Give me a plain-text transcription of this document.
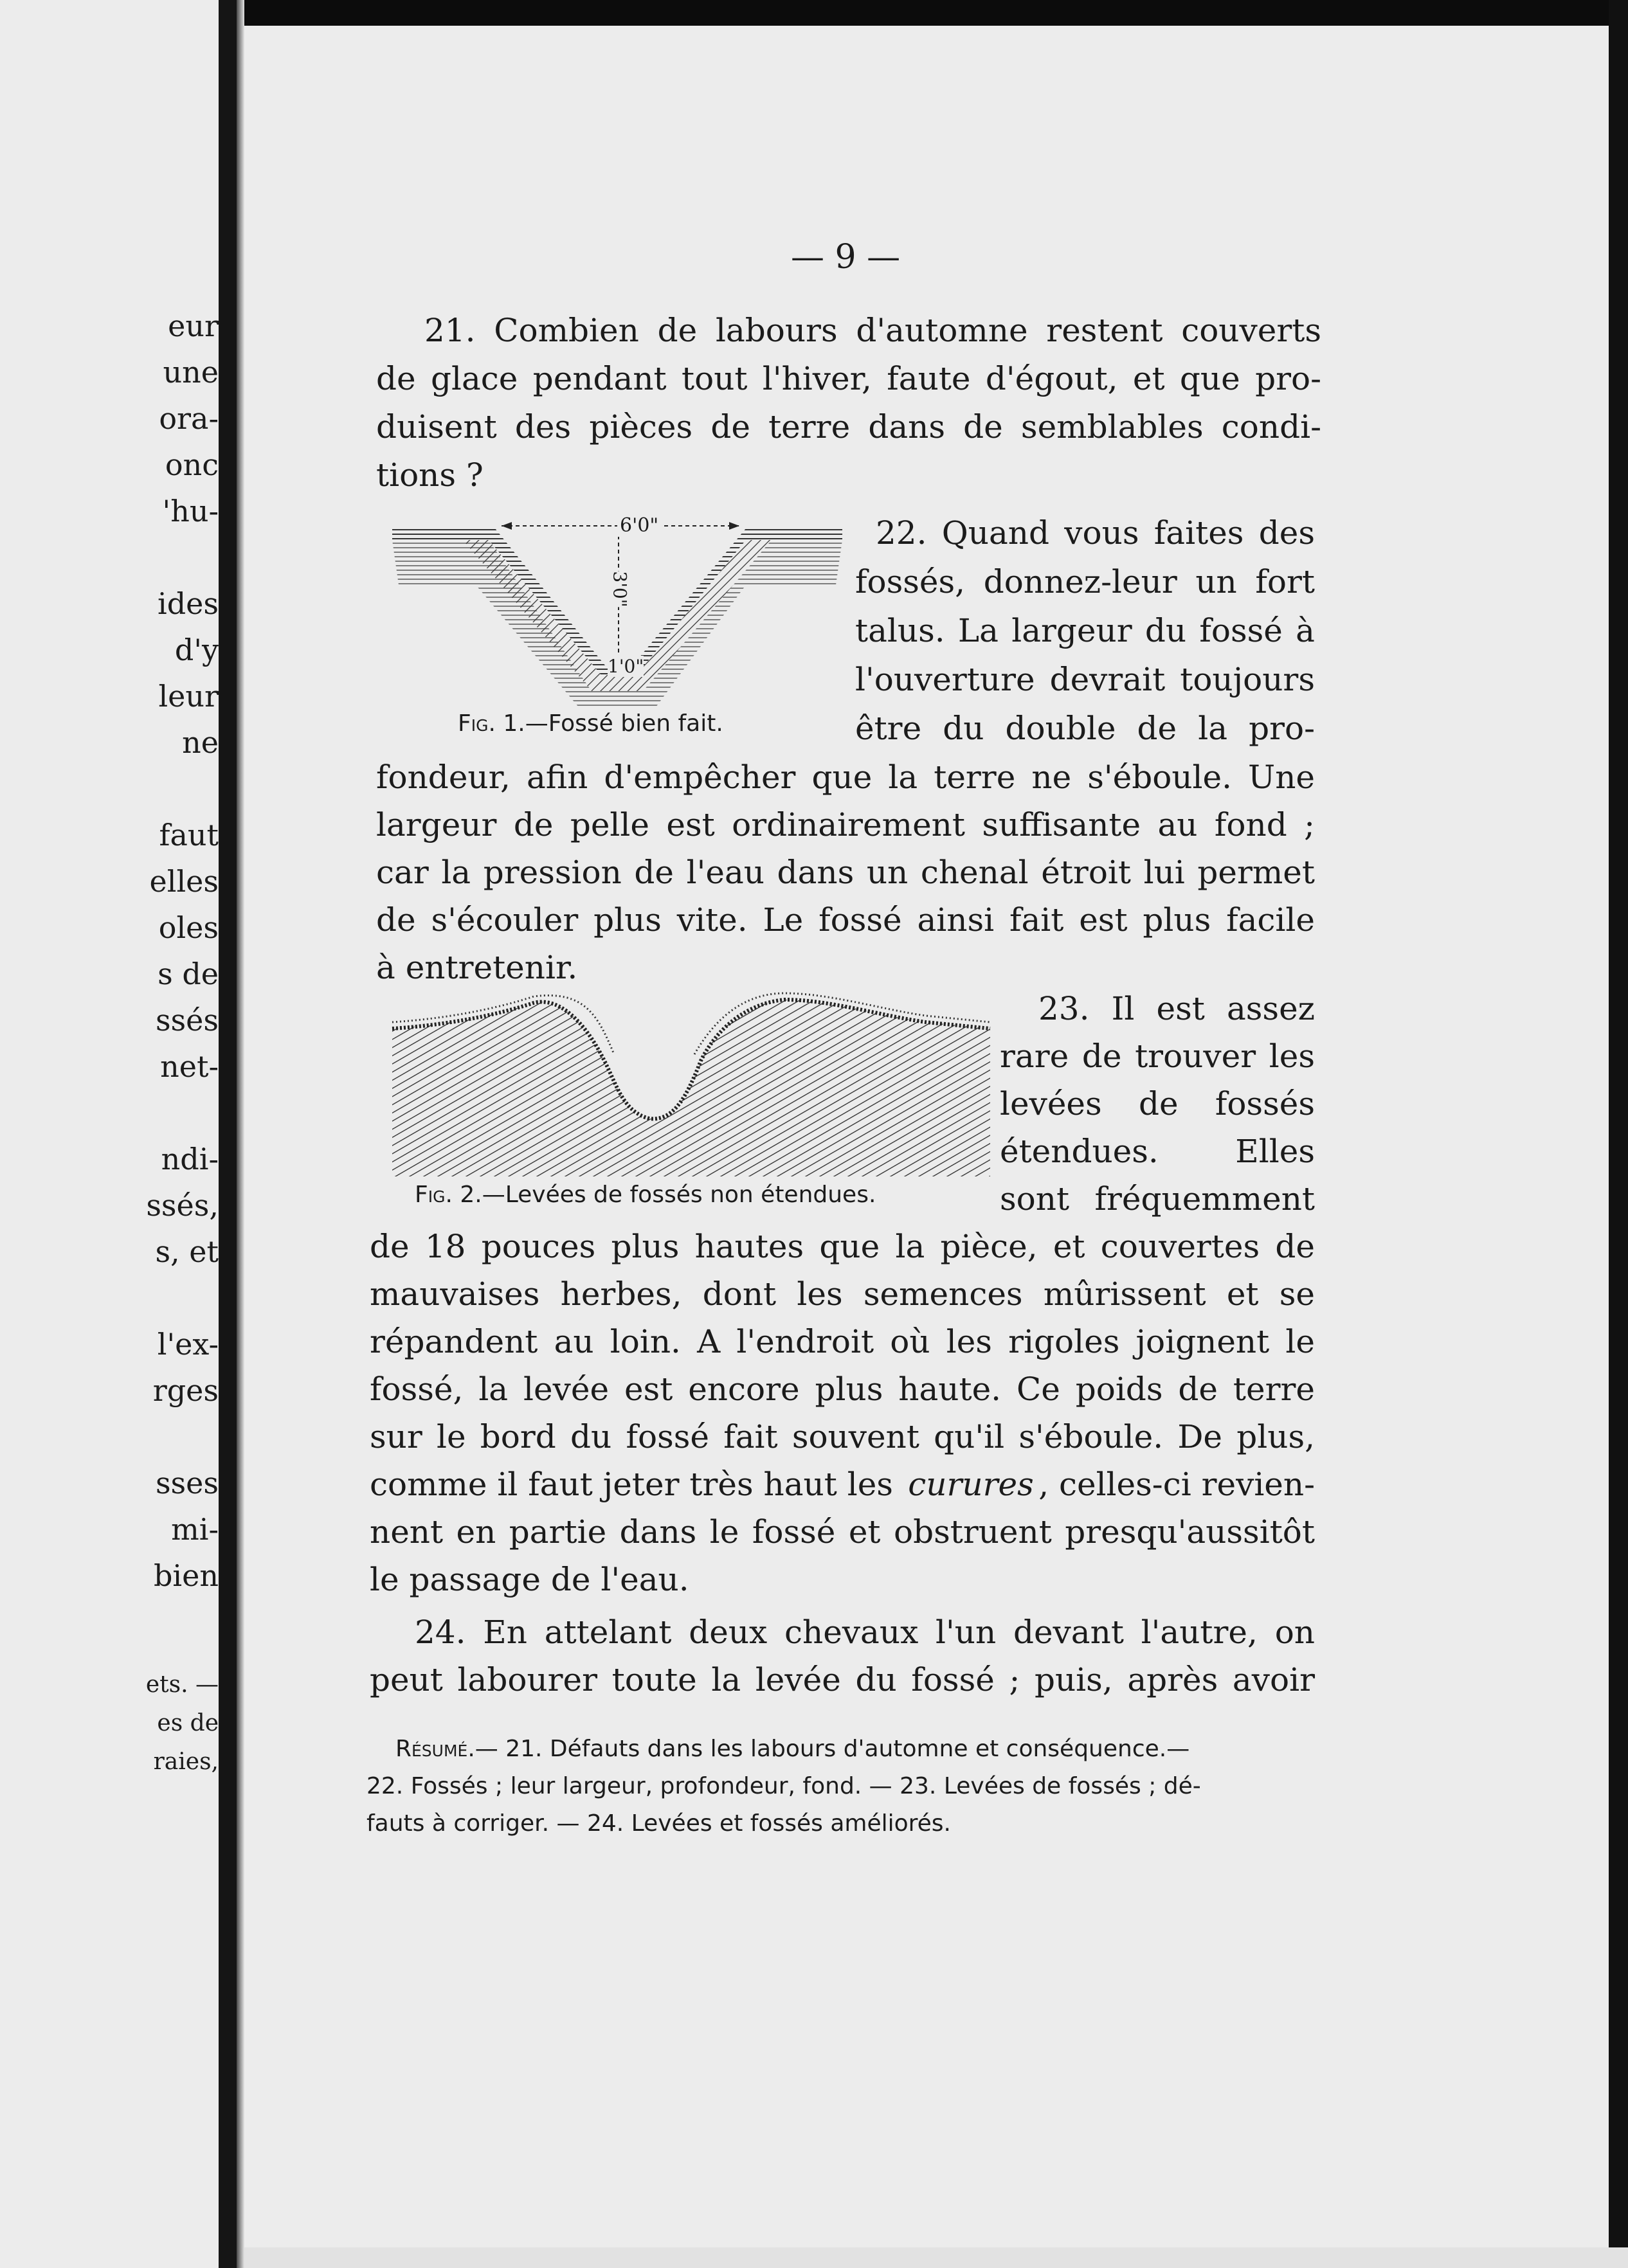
eur
une
ora-
onc
'hu-
ides
d'y
leur
ne
faut
elles
oles
s de
ssés
net-
ndi-
ssés,
s, et
l'ex-
rges
sses
mi-
bien
ets. —
es de
raies,
— 9 —
21. Combien de labours d'automne restent couverts
de glace pendant tout l'hiver, faute d'égout, et que pro-
duisent des pièces de terre dans de semblables condi-
tions ?
6'0"
3'0"
1'0"
Fig. 1.—Fossé bien fait.
22. Quand vous faites des
fossés, donnez-leur un fort
talus. La largeur du fossé à
l'ouverture devrait toujours
être du double de la pro-
fondeur, afin d'empêcher que la terre ne s'éboule. Une
largeur de pelle est ordinairement suffisante au fond ;
car la pression de l'eau dans un chenal étroit lui permet
de s'écouler plus vite. Le fossé ainsi fait est plus facile
à entretenir.
Fig. 2.—Levées de fossés non étendues.
23. Il est assez
rare de trouver les
levées de fossés
étendues. Elles
sont fréquemment
de 18 pouces plus hautes que la pièce, et couvertes de
mauvaises herbes, dont les semences mûrissent et se
répandent au loin. A l'endroit où les rigoles joignent le
fossé, la levée est encore plus haute. Ce poids de terre
sur le bord du fossé fait souvent qu'il s'éboule. De plus,
comme il faut jeter très haut les curures , celles-ci revien-
nent en partie dans le fossé et obstruent presqu'aussitôt
le passage de l'eau.
24. En attelant deux chevaux l'un devant l'autre, on
peut labourer toute la levée du fossé ; puis, après avoir
Résumé.— 21. Défauts dans les labours d'automne et conséquence.—
22. Fossés ; leur largeur, profondeur, fond. — 23. Levées de fossés ; dé-
fauts à corriger. — 24. Levées et fossés améliorés.
